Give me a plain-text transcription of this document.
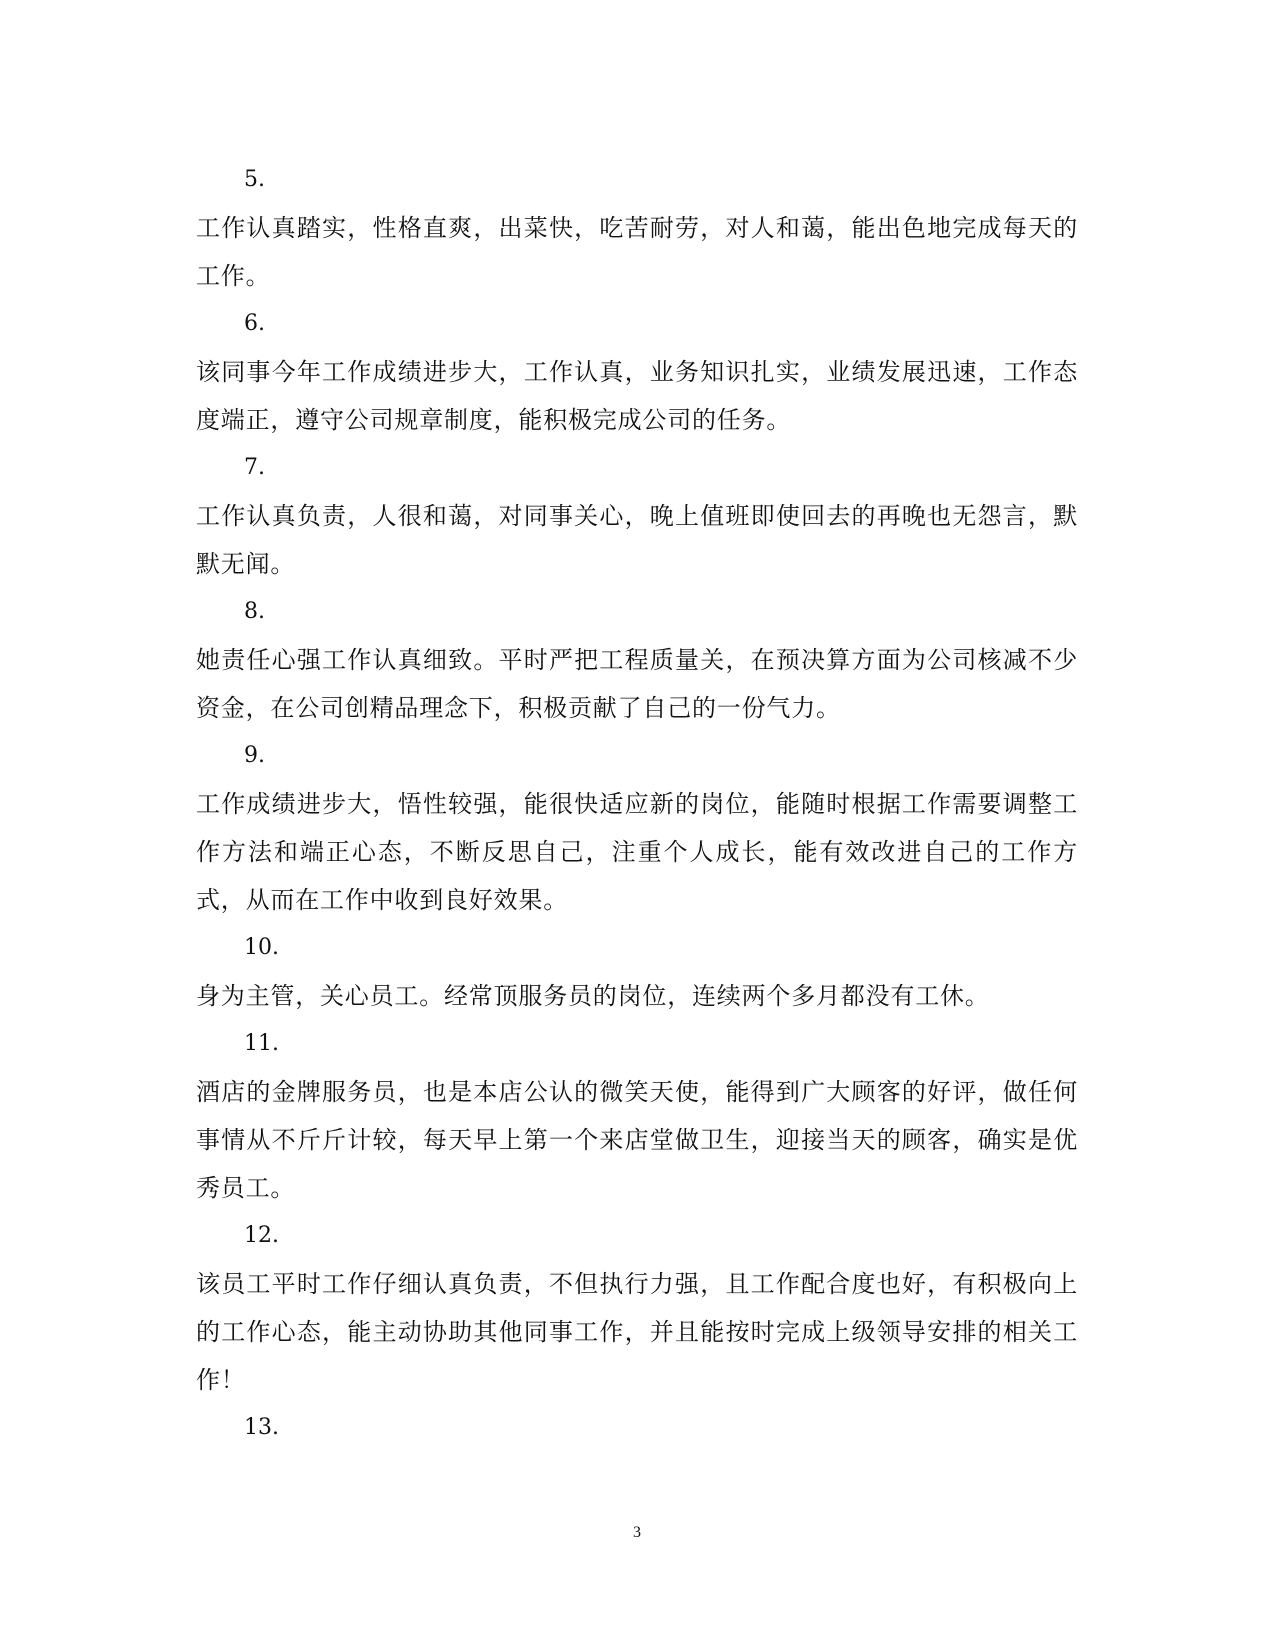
5.
工作认真踏实，性格直爽，出菜快，吃苦耐劳，对人和蔼，能出色地完成每天的工作。
6.
该同事今年工作成绩进步大，工作认真，业务知识扎实，业绩发展迅速，工作态度端正，遵守公司规章制度，能积极完成公司的任务。
7.
工作认真负责，人很和蔼，对同事关心，晚上值班即使回去的再晚也无怨言，默默无闻。
8.
她责任心强工作认真细致。平时严把工程质量关，在预决算方面为公司核减不少资金，在公司创精品理念下，积极贡献了自己的一份气力。
9.
工作成绩进步大，悟性较强，能很快适应新的岗位，能随时根据工作需要调整工作方法和端正心态，不断反思自己，注重个人成长，能有效改进自己的工作方式，从而在工作中收到良好效果。
10.
身为主管，关心员工。经常顶服务员的岗位，连续两个多月都没有工休。
11.
酒店的金牌服务员，也是本店公认的微笑天使，能得到广大顾客的好评，做任何事情从不斤斤计较，每天早上第一个来店堂做卫生，迎接当天的顾客，确实是优秀员工。
12.
该员工平时工作仔细认真负责，不但执行力强，且工作配合度也好，有积极向上的工作心态，能主动协助其他同事工作，并且能按时完成上级领导安排的相关工作！
13.
3
